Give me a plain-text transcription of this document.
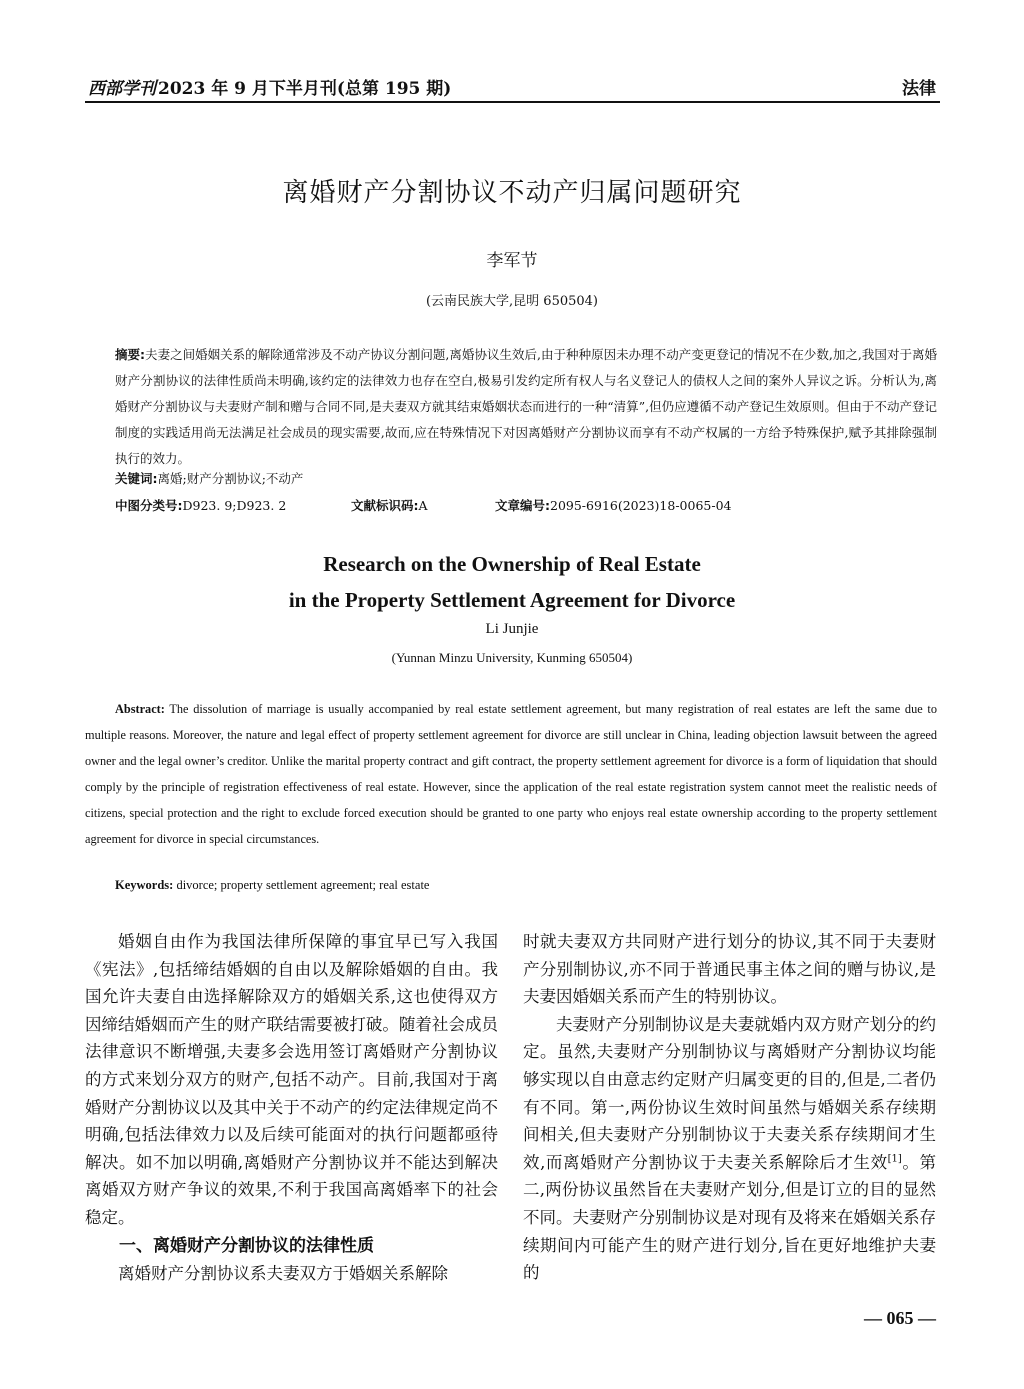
西部学刊 2023 年 9 月下半月刊(总第 195 期)	法律
离婚财产分割协议不动产归属问题研究
李军节
(云南民族大学,昆明 650504)

摘要:夫妻之间婚姻关系的解除通常涉及不动产协议分割问题,离婚协议生效后,由于种种原因未办理不动产变更登记的情况不在少数,加之,我国对于离婚财产分割协议的法律性质尚未明确,该约定的法律效力也存在空白,极易引发约定所有权人与名义登记人的债权人之间的案外人异议之诉。分析认为,离婚财产分割协议与夫妻财产制和赠与合同不同,是夫妻双方就其结束婚姻状态而进行的一种“清算”,但仍应遵循不动产登记生效原则。但由于不动产登记制度的实践适用尚无法满足社会成员的现实需要,故而,应在特殊情况下对因离婚财产分割协议而享有不动产权属的一方给予特殊保护,赋予其排除强制执行的效力。

关键词:离婚;财产分割协议;不动产
中图分类号:D923. 9;D923. 2	文献标识码:A	文章编号:2095-6916(2023)18-0065-04
Research on the Ownership of Real Estate
in the Property Settlement Agreement for Divorce
Li Junjie
(Yunnan Minzu University, Kunming 650504)
Abstract: The dissolution of marriage is usually accompanied by real estate settlement agreement, but many registration of real estates are left the same due to multiple reasons. Moreover, the nature and legal effect of property settlement agreement for divorce are still unclear in China, leading objection lawsuit between the agreed owner and the legal owner’s creditor. Unlike the marital property contract and gift contract, the property settlement agreement for divorce is a form of liquidation that should comply by the principle of registration effectiveness of real estate. However, since the application of the real estate registration system cannot meet the realistic needs of citizens, special protection and the right to exclude forced execution should be granted to one party who enjoys real estate ownership according to the property settlement agreement for divorce in special circumstances.
Keywords: divorce; property settlement agreement; real estate

婚姻自由作为我国法律所保障的事宜早已写入我国《宪法》,包括缔结婚姻的自由以及解除婚姻的自由。我国允许夫妻自由选择解除双方的婚姻关系,这也使得双方因缔结婚姻而产生的财产联结需要被打破。随着社会成员法律意识不断增强,夫妻多会选用签订离婚财产分割协议的方式来划分双方的财产,包括不动产。目前,我国对于离婚财产分割协议以及其中关于不动产的约定法律规定尚不明确,包括法律效力以及后续可能面对的执行问题都亟待解决。如不加以明确,离婚财产分割协议并不能达到解决离婚双方财产争议的效果,不利于我国高离婚率下的社会稳定。

一、离婚财产分割协议的法律性质

离婚财产分割协议系夫妻双方于婚姻关系解除

时就夫妻双方共同财产进行划分的协议,其不同于夫妻财产分别制协议,亦不同于普通民事主体之间的赠与协议,是夫妻因婚姻关系而产生的特别协议。

夫妻财产分别制协议是夫妻就婚内双方财产划分的约定。虽然,夫妻财产分别制协议与离婚财产分割协议均能够实现以自由意志约定财产归属变更的目的,但是,二者仍有不同。第一,两份协议生效时间虽然与婚姻关系存续期间相关,但夫妻财产分别制协议于夫妻关系存续期间才生效,而离婚财产分割协议于夫妻关系解除后才生效[1]。第二,两份协议虽然旨在夫妻财产划分,但是订立的目的显然不同。夫妻财产分别制协议是对现有及将来在婚姻关系存续期间内可能产生的财产进行划分,旨在更好地维护夫妻的

— 065 —
